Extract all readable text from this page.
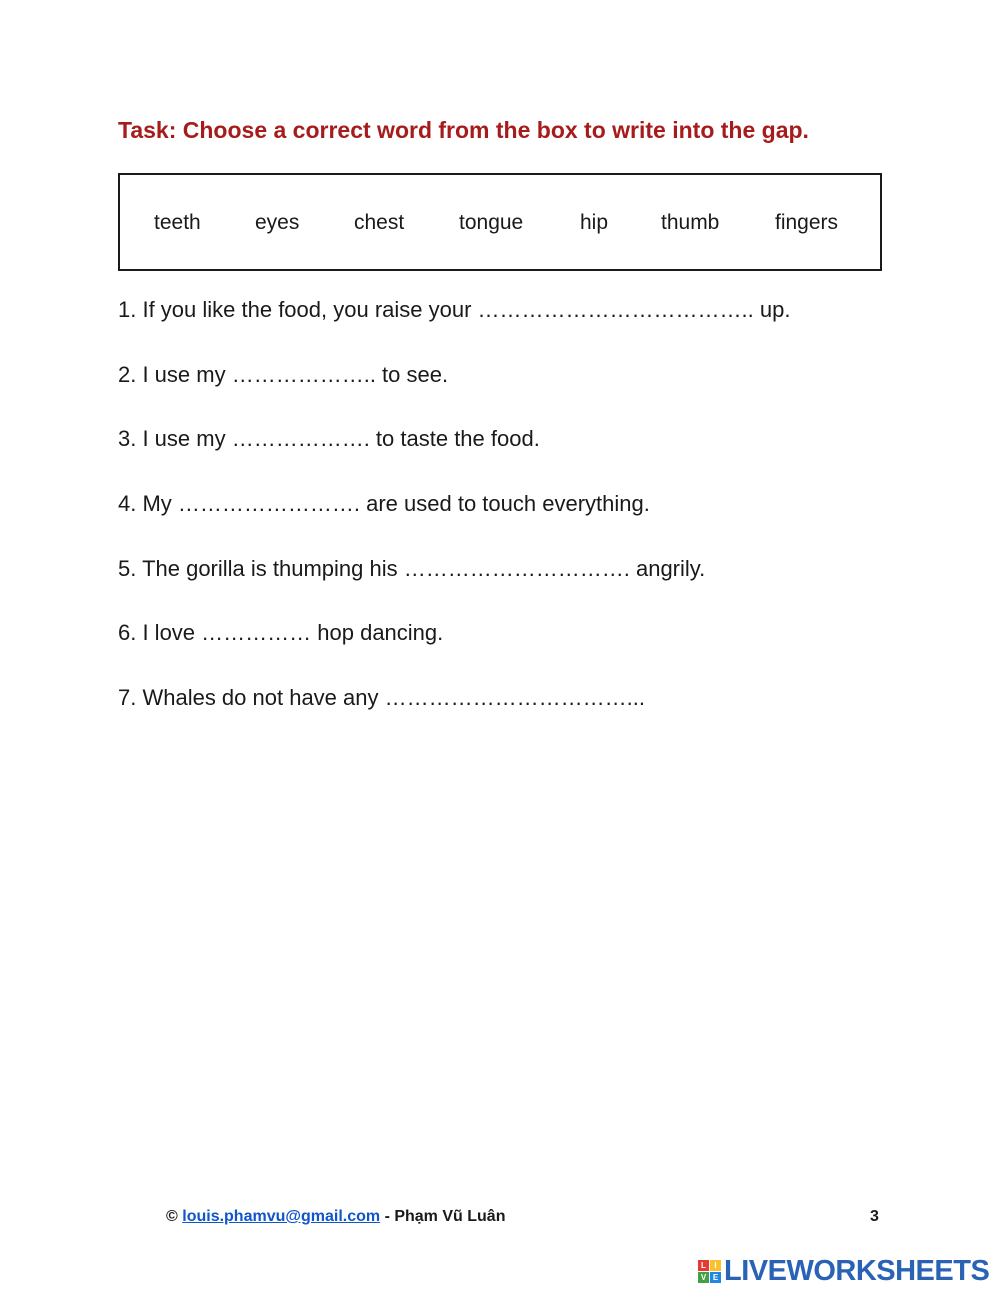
Task: Choose a correct word from the box to write into the gap.
teeth	eyes	chest	tongue	hip	thumb	fingers
1. If you like the food, you raise your ……………………………….. up.
2. I use my ……………….. to see.
3. I use my ………………. to taste the food.
4. My ……………………. are used to touch everything.
5. The gorilla is thumping his …………………………. angrily.
6. I love …………… hop dancing.
7. Whales do not have any ……………………………...
© louis.phamvu@gmail.com - Phạm Vũ Luân	3
L	I
V E LIVEWORKSHEETS
